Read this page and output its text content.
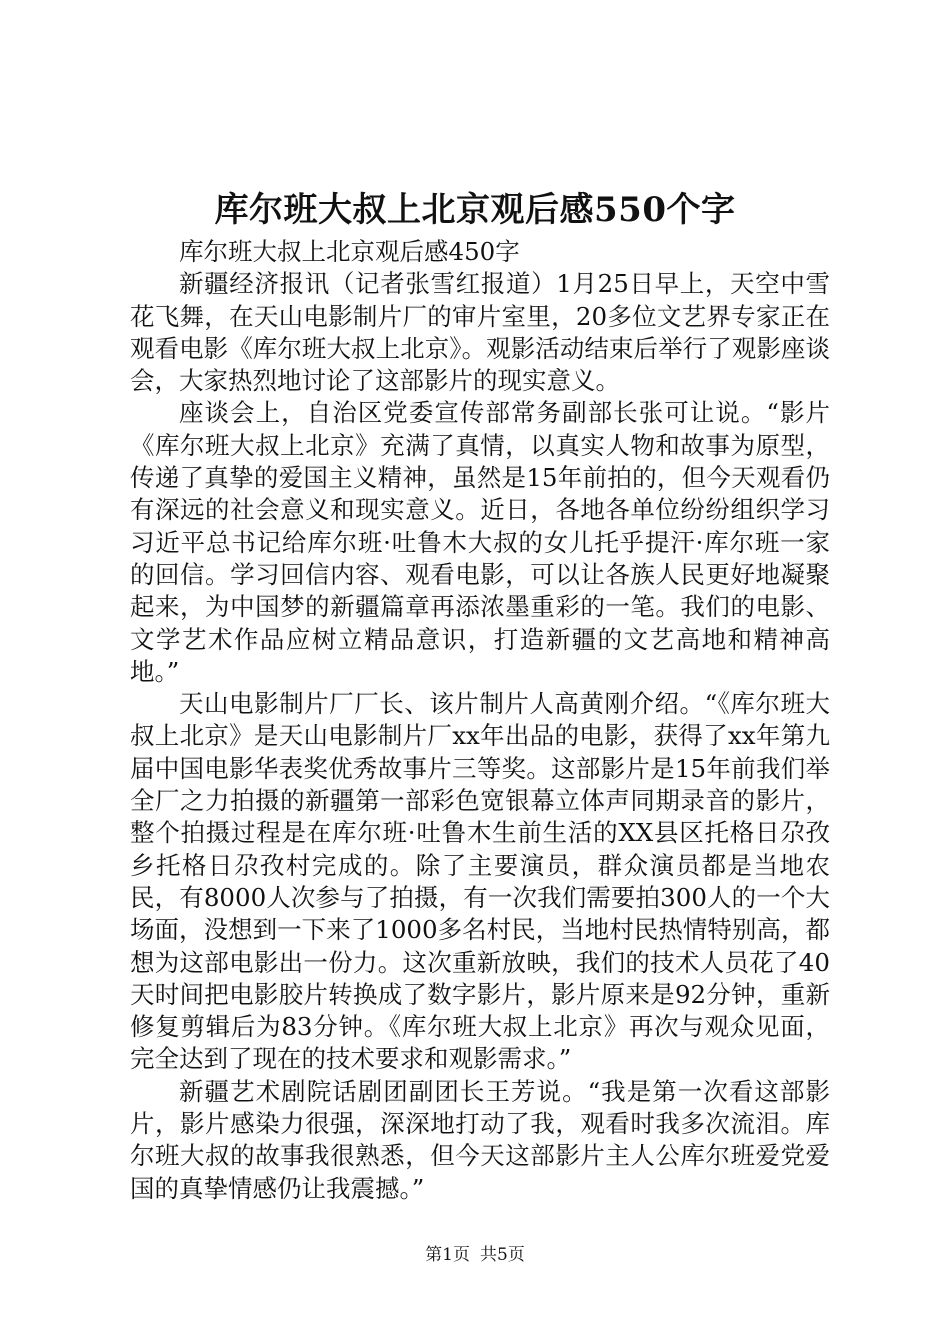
库尔班大叔上北京观后感550个字

库尔班大叔上北京观后感450字

新疆经济报讯（记者张雪红报道）1月25日早上，天空中雪花飞舞，在天山电影制片厂的审片室里，20多位文艺界专家正在观看电影《库尔班大叔上北京》。观影活动结束后举行了观影座谈会，大家热烈地讨论了这部影片的现实意义。

座谈会上，自治区党委宣传部常务副部长张可让说。“影片《库尔班大叔上北京》充满了真情，以真实人物和故事为原型，传递了真挚的爱国主义精神，虽然是15年前拍的，但今天观看仍有深远的社会意义和现实意义。近日，各地各单位纷纷组织学习习近平总书记给库尔班·吐鲁木大叔的女儿托乎提汗·库尔班一家的回信。学习回信内容、观看电影，可以让各族人民更好地凝聚起来，为中国梦的新疆篇章再添浓墨重彩的一笔。我们的电影、文学艺术作品应树立精品意识，打造新疆的文艺高地和精神高地。”

天山电影制片厂厂长、该片制片人高黄刚介绍。“《库尔班大叔上北京》是天山电影制片厂xx年出品的电影，获得了xx年第九届中国电影华表奖优秀故事片三等奖。这部影片是15年前我们举全厂之力拍摄的新疆第一部彩色宽银幕立体声同期录音的影片，整个拍摄过程是在库尔班·吐鲁木生前生活的XX县区托格日尕孜乡托格日尕孜村完成的。除了主要演员，群众演员都是当地农民，有8000人次参与了拍摄，有一次我们需要拍300人的一个大场面，没想到一下来了1000多名村民，当地村民热情特别高，都想为这部电影出一份力。这次重新放映，我们的技术人员花了40天时间把电影胶片转换成了数字影片，影片原来是92分钟，重新修复剪辑后为83分钟。《库尔班大叔上北京》再次与观众见面，完全达到了现在的技术要求和观影需求。”

新疆艺术剧院话剧团副团长王芳说。“我是第一次看这部影片，影片感染力很强，深深地打动了我，观看时我多次流泪。库尔班大叔的故事我很熟悉，但今天这部影片主人公库尔班爱党爱国的真挚情感仍让我震撼。”

第1页 共5页
